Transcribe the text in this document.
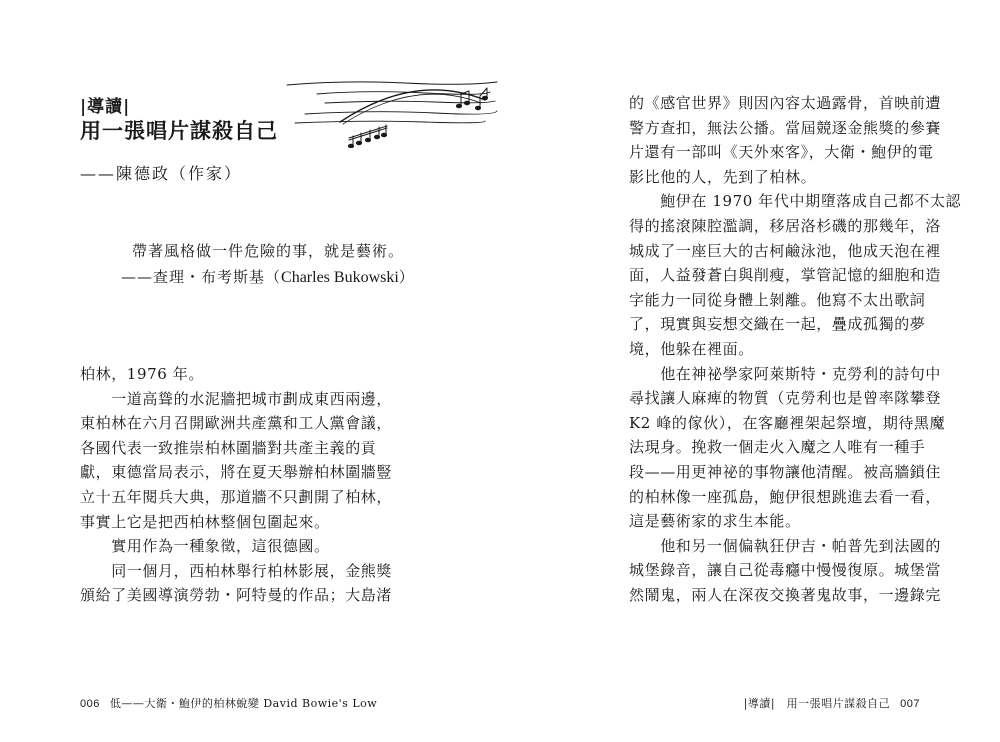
|導讀|
用一張唱片謀殺自己
——陳德政（作家）
帶著風格做一件危險的事，就是藝術。
——查理・布考斯基（Charles Bukowski）

柏林，1976 年。

　　一道高聳的水泥牆把城市劃成東西兩邊，

東柏林在六月召開歐洲共產黨和工人黨會議，

各國代表一致推崇柏林圍牆對共產主義的貢

獻，東德當局表示，將在夏天舉辦柏林圍牆豎

立十五年閱兵大典，那道牆不只劃開了柏林，

事實上它是把西柏林整個包圍起來。

　　實用作為一種象徵，這很德國。

　　同一個月，西柏林舉行柏林影展，金熊獎

頒給了美國導演勞勃・阿特曼的作品；大島渚

006 低——大衛・鮑伊的柏林蛻變 David Bowie's Low

的《感官世界》則因內容太過露骨，首映前遭

警方查扣，無法公播。當屆競逐金熊獎的參賽

片還有一部叫《天外來客》，大衛・鮑伊的電

影比他的人，先到了柏林。

　　鮑伊在 1970 年代中期墮落成自己都不太認

得的搖滾陳腔濫調，移居洛杉磯的那幾年，洛

城成了一座巨大的古柯鹼泳池，他成天泡在裡

面，人益發蒼白與削瘦，掌管記憶的細胞和造

字能力一同從身體上剝離。他寫不太出歌詞

了，現實與妄想交織在一起，疊成孤獨的夢

境，他躲在裡面。

　　他在神祕學家阿萊斯特・克勞利的詩句中

尋找讓人麻痺的物質（克勞利也是曾率隊攀登

K2 峰的傢伙），在客廳裡架起祭壇，期待黑魔

法現身。挽救一個走火入魔之人唯有一種手

段——用更神祕的事物讓他清醒。被高牆鎖住

的柏林像一座孤島，鮑伊很想跳進去看一看，

這是藝術家的求生本能。

　　他和另一個偏執狂伊吉・帕普先到法國的

城堡錄音，讓自己從毒癮中慢慢復原。城堡當

然鬧鬼，兩人在深夜交換著鬼故事，一邊錄完

|導讀|　用一張唱片謀殺自己 007
